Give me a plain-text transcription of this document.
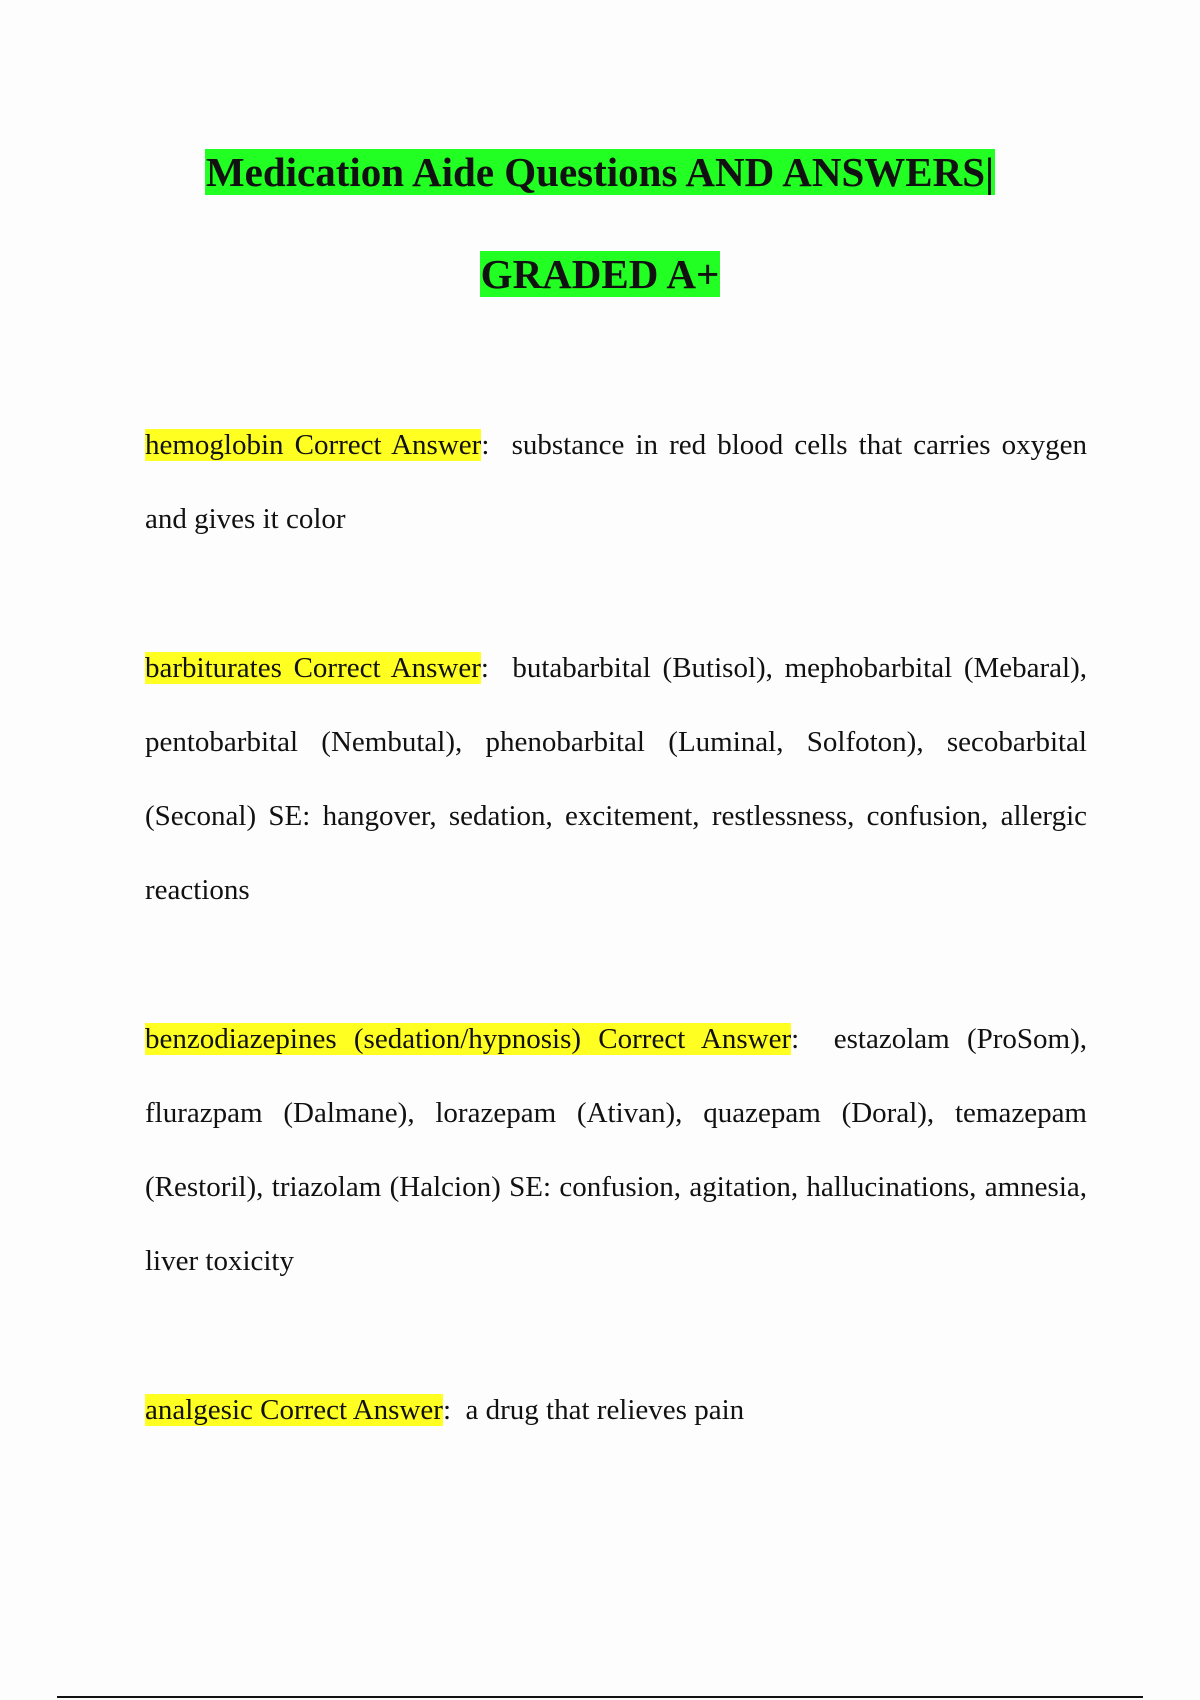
Medication Aide Questions AND ANSWERS|
GRADED A+

hemoglobin Correct Answer: substance in red blood cells that carries oxygen and gives it color

barbiturates Correct Answer: butabarbital (Butisol), mephobarbital (Mebaral), pentobarbital (Nembutal), phenobarbital (Luminal, Solfoton), secobarbital (Seconal) SE: hangover, sedation, excitement, restlessness, confusion, allergic reactions

benzodiazepines (sedation/hypnosis) Correct Answer: estazolam (ProSom), flurazpam (Dalmane), lorazepam (Ativan), quazepam (Doral), temazepam (Restoril), triazolam (Halcion) SE: confusion, agitation, hallucinations, amnesia, liver toxicity

analgesic Correct Answer: a drug that relieves pain
